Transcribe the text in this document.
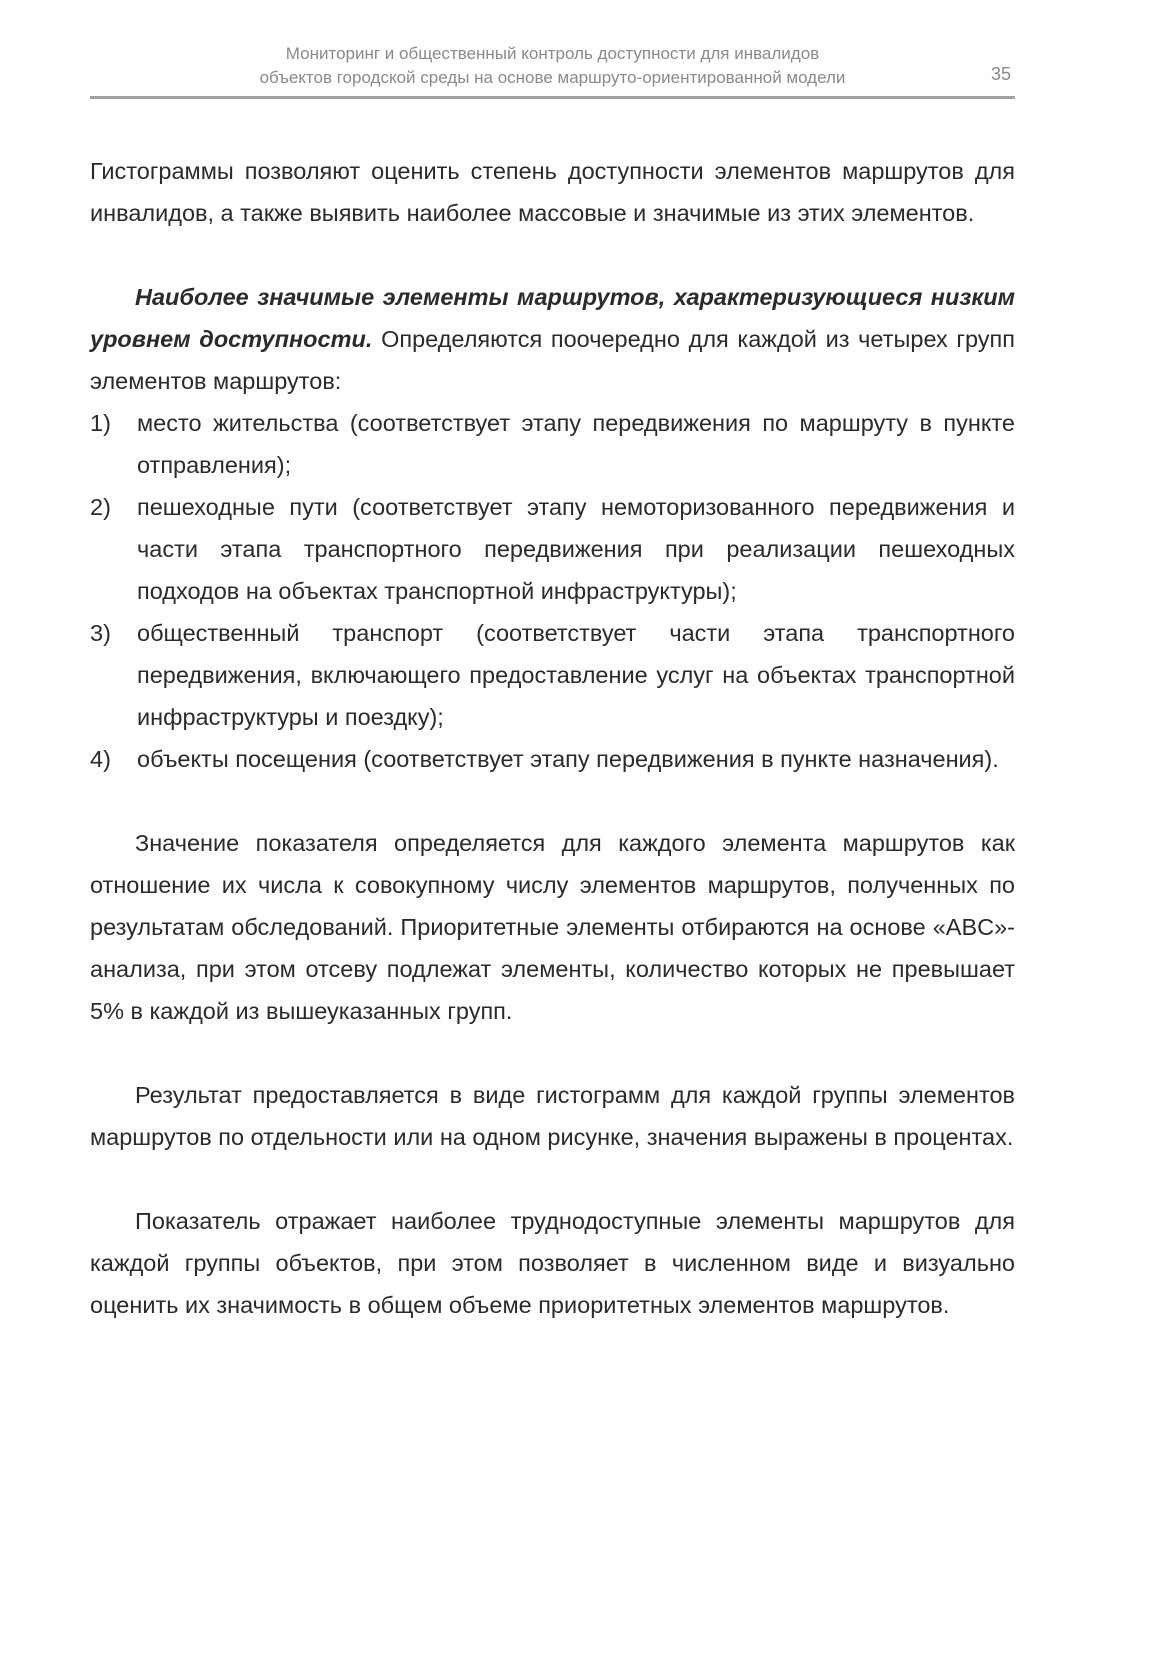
Мониторинг и общественный контроль доступности для инвалидов
объектов городской среды на основе маршруто-ориентированной модели	35

Гистограммы позволяют оценить степень доступности элементов маршрутов для инвалидов, а также выявить наиболее массовые и значимые из этих элементов.

Наиболее значимые элементы маршрутов, характеризующиеся низким уровнем доступности. Определяются поочередно для каждой из четырех групп элементов маршрутов:

1)	место жительства (соответствует этапу передвижения по маршруту в пункте отправления);
2)	пешеходные пути (соответствует этапу немоторизованного передвижения и части этапа транспортного передвижения при реализации пешеходных подходов на объектах транспортной инфраструктуры);
3)	общественный транспорт (соответствует части этапа транспортного передвижения, включающего предоставление услуг на объектах транспортной инфраструктуры и поездку);
4)	объекты посещения (соответствует этапу передвижения в пункте назначения).

Значение показателя определяется для каждого элемента маршрутов как отношение их числа к совокупному числу элементов маршрутов, полученных по результатам обследований. Приоритетные элементы отбираются на основе «ABC»-анализа, при этом отсеву подлежат элементы, количество которых не превышает 5% в каждой из вышеуказанных групп.

Результат предоставляется в виде гистограмм для каждой группы элементов маршрутов по отдельности или на одном рисунке, значения выражены в процентах.

Показатель отражает наиболее труднодоступные элементы маршрутов для каждой группы объектов, при этом позволяет в численном виде и визуально оценить их значимость в общем объеме приоритетных элементов маршрутов.
